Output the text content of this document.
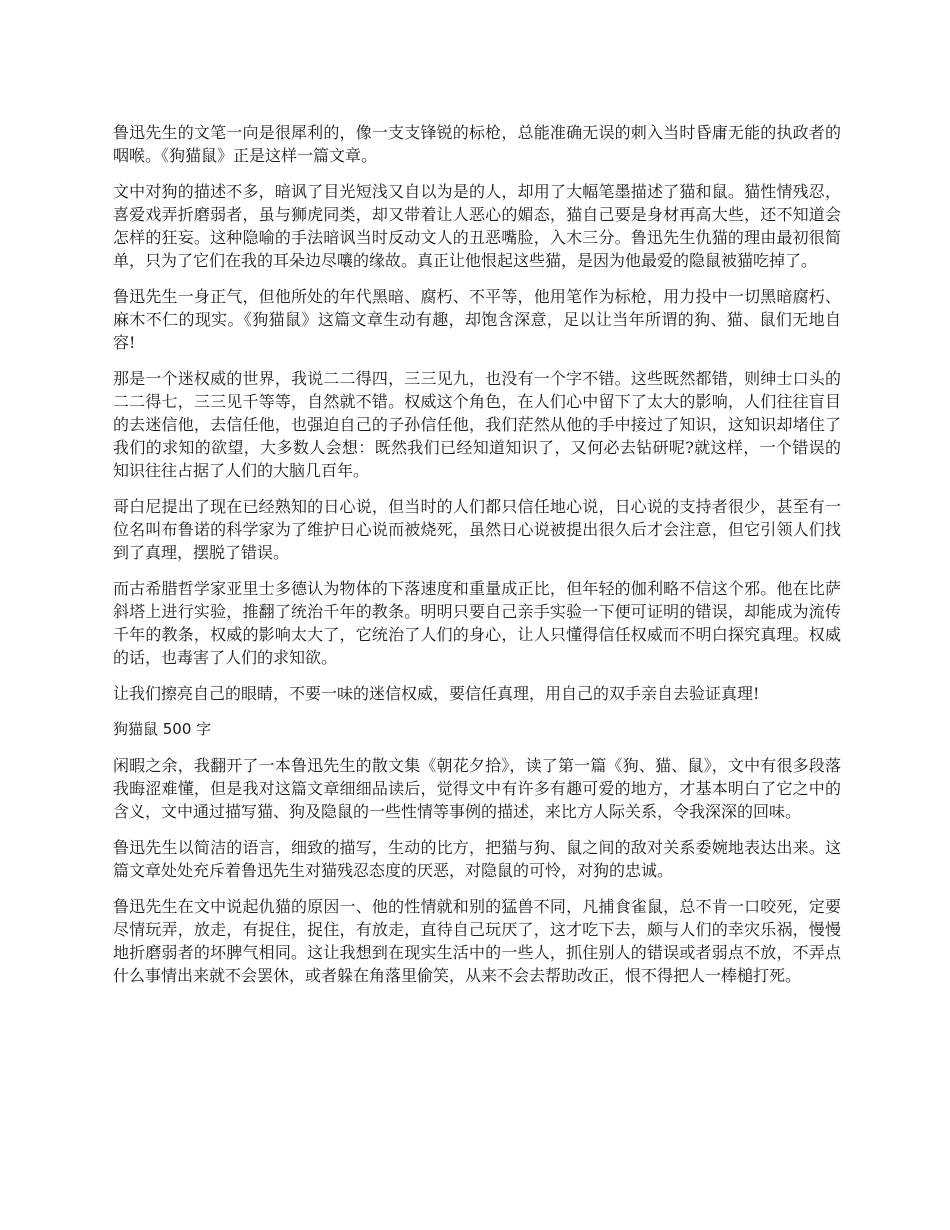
鲁迅先生的文笔一向是很犀利的，像一支支锋锐的标枪，总能准确无误的刺入当时昏庸无能的执政者的咽喉。《狗猫鼠》正是这样一篇文章。

文中对狗的描述不多，暗讽了目光短浅又自以为是的人，却用了大幅笔墨描述了猫和鼠。猫性情残忍，喜爱戏弄折磨弱者，虽与狮虎同类，却又带着让人恶心的媚态，猫自己要是身材再高大些，还不知道会怎样的狂妄。这种隐喻的手法暗讽当时反动文人的丑恶嘴脸，入木三分。鲁迅先生仇猫的理由最初很简单，只为了它们在我的耳朵边尽嚷的缘故。真正让他恨起这些猫，是因为他最爱的隐鼠被猫吃掉了。

鲁迅先生一身正气，但他所处的年代黑暗、腐朽、不平等，他用笔作为标枪，用力投中一切黑暗腐朽、麻木不仁的现实。《狗猫鼠》这篇文章生动有趣，却饱含深意，足以让当年所谓的狗、猫、鼠们无地自容!

那是一个迷权威的世界，我说二二得四，三三见九，也没有一个字不错。这些既然都错，则绅士口头的二二得七，三三见千等等，自然就不错。权威这个角色，在人们心中留下了太大的影响，人们往往盲目的去迷信他，去信任他，也强迫自己的子孙信任他，我们茫然从他的手中接过了知识，这知识却堵住了我们的求知的欲望，大多数人会想：既然我们已经知道知识了，又何必去钻研呢?就这样，一个错误的知识往往占据了人们的大脑几百年。

哥白尼提出了现在已经熟知的日心说，但当时的人们都只信任地心说，日心说的支持者很少，甚至有一位名叫布鲁诺的科学家为了维护日心说而被烧死，虽然日心说被提出很久后才会注意，但它引领人们找到了真理，摆脱了错误。

而古希腊哲学家亚里士多德认为物体的下落速度和重量成正比，但年轻的伽利略不信这个邪。他在比萨斜塔上进行实验，推翻了统治千年的教条。明明只要自己亲手实验一下便可证明的错误，却能成为流传千年的教条，权威的影响太大了，它统治了人们的身心，让人只懂得信任权威而不明白探究真理。权威的话，也毒害了人们的求知欲。

让我们擦亮自己的眼睛，不要一味的迷信权威，要信任真理，用自己的双手亲自去验证真理!

狗猫鼠 500 字

闲暇之余，我翻开了一本鲁迅先生的散文集《朝花夕拾》，读了第一篇《狗、猫、鼠》，文中有很多段落我晦涩难懂，但是我对这篇文章细细品读后，觉得文中有许多有趣可爱的地方，才基本明白了它之中的含义，文中通过描写猫、狗及隐鼠的一些性情等事例的描述，来比方人际关系，令我深深的回味。

鲁迅先生以简洁的语言，细致的描写，生动的比方，把猫与狗、鼠之间的敌对关系委婉地表达出来。这篇文章处处充斥着鲁迅先生对猫残忍态度的厌恶，对隐鼠的可怜，对狗的忠诚。

鲁迅先生在文中说起仇猫的原因一、他的性情就和别的猛兽不同，凡捕食雀鼠，总不肯一口咬死，定要尽情玩弄，放走，有捉住，捉住，有放走，直待自己玩厌了，这才吃下去，颇与人们的幸灾乐祸，慢慢地折磨弱者的坏脾气相同。这让我想到在现实生活中的一些人，抓住别人的错误或者弱点不放，不弄点什么事情出来就不会罢休，或者躲在角落里偷笑，从来不会去帮助改正，恨不得把人一棒槌打死。
